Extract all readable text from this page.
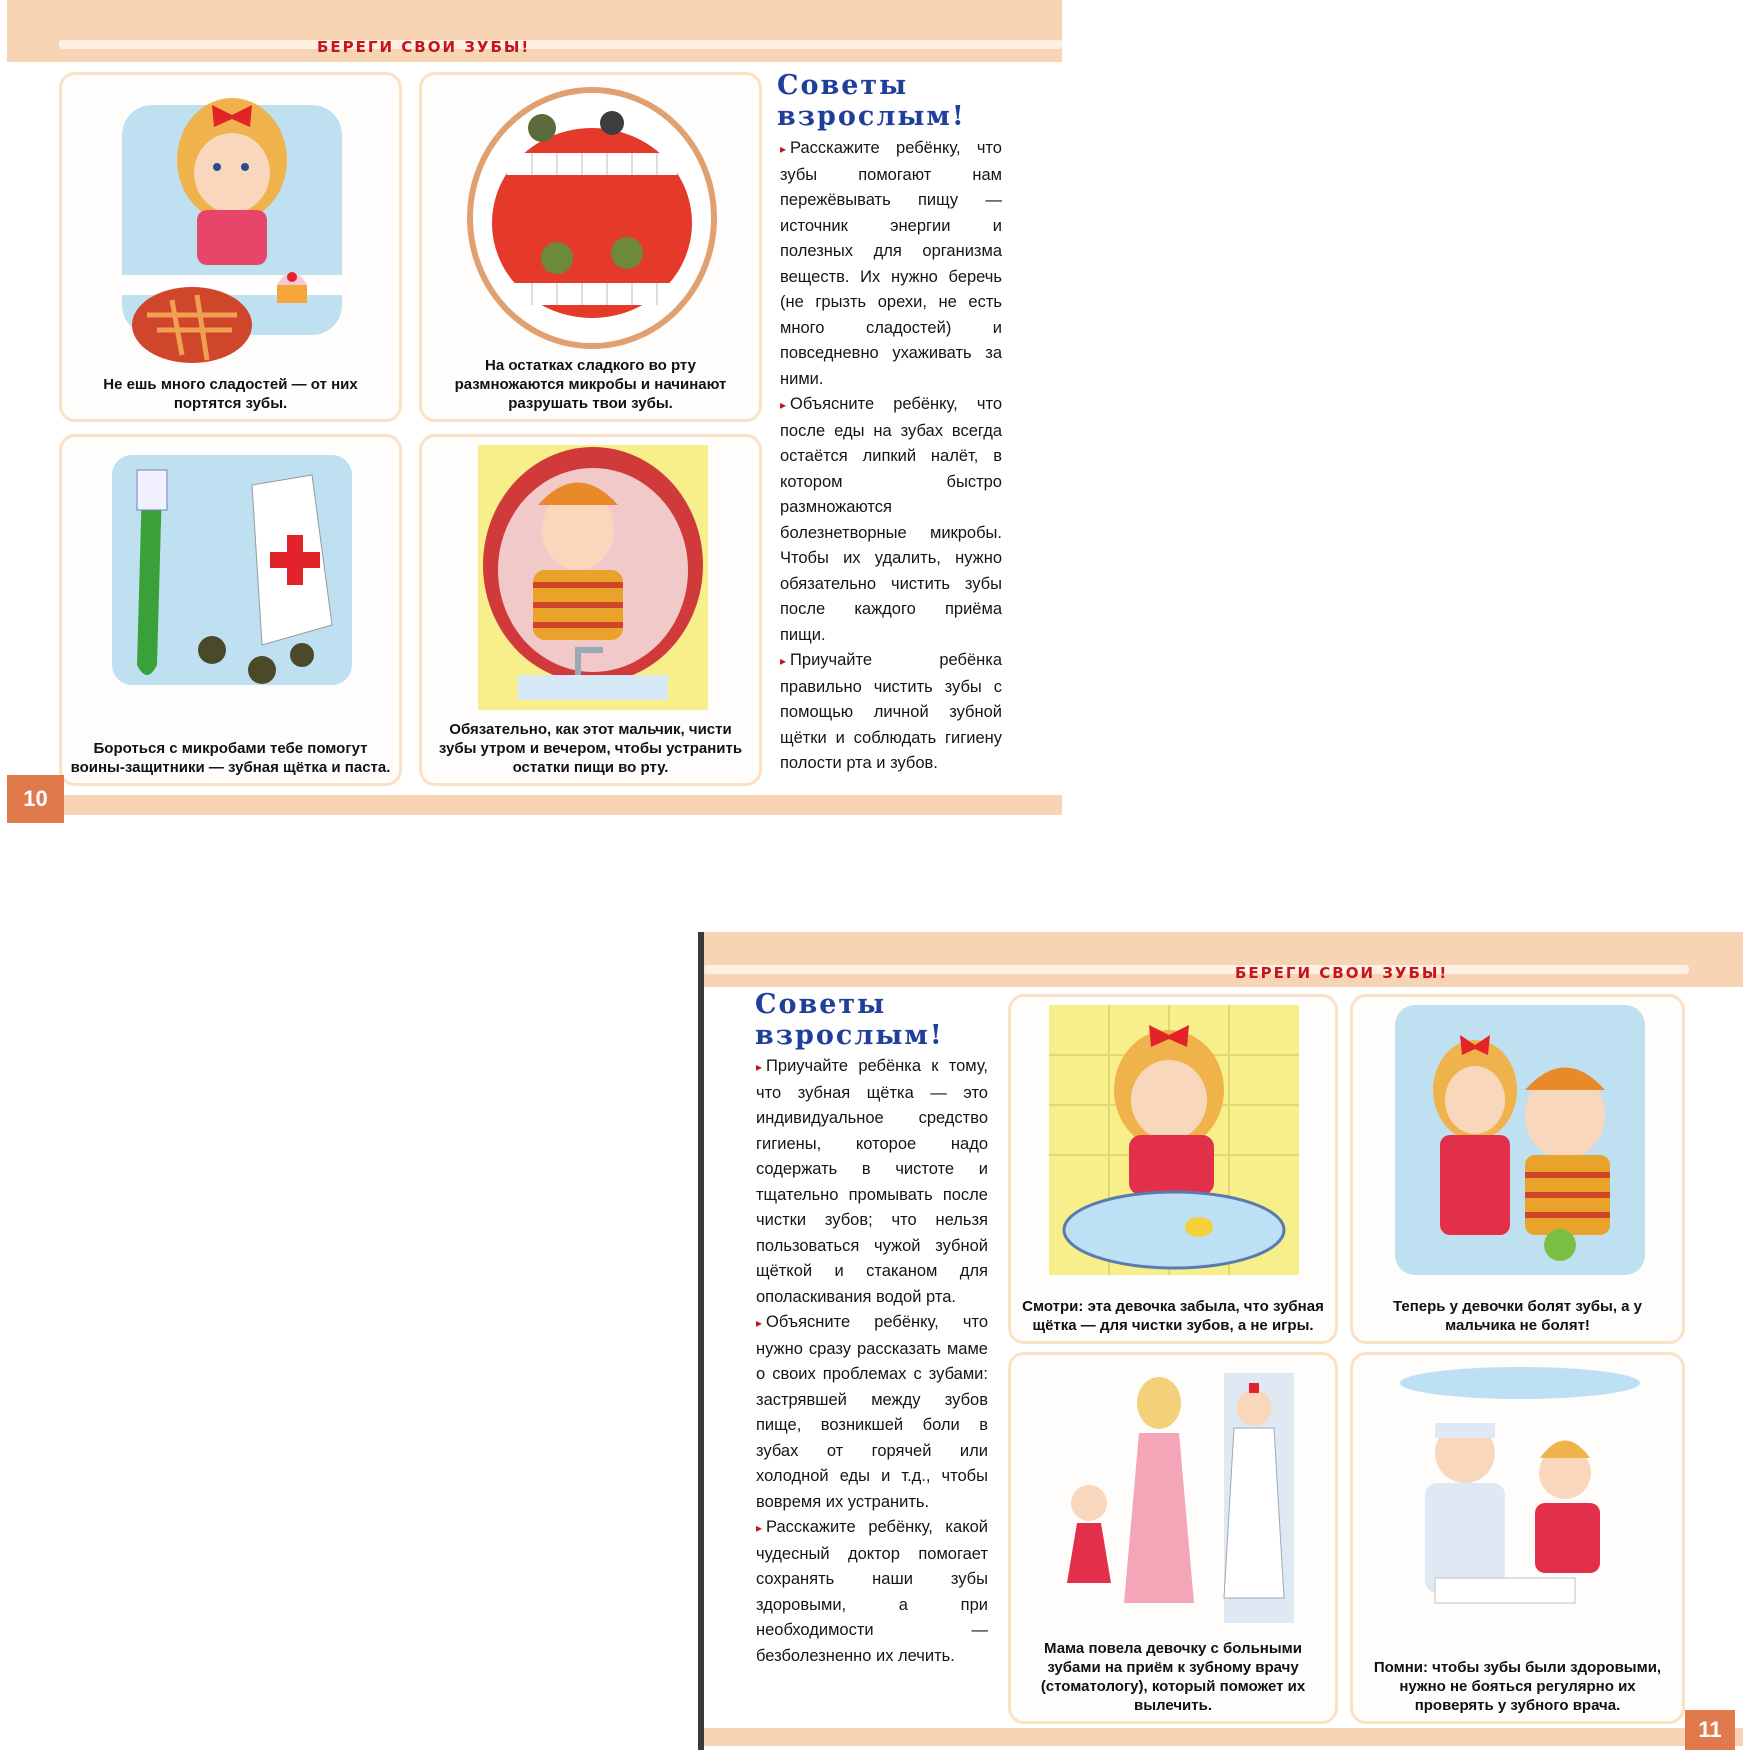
БЕРЕГИ СВОИ ЗУБЫ!
Не ешь много сладостей — от них портятся зубы.
На остатках сладкого во рту размножаются микробы и начинают разрушать твои зубы.
Бороться с микробами тебе помогут воины-защитники — зубная щётка и паста.
Обязательно, как этот мальчик, чисти зубы утром и вечером, чтобы устранить остатки пищи во рту.
Советы
взрослым!

▸ Расскажите ребёнку, что зубы помогают нам пережёвывать пищу — источник энергии и полезных для организма веществ. Их нужно беречь (не грызть орехи, не есть много сладостей) и повседневно ухаживать за ними.

▸ Объясните ребёнку, что после еды на зубах всегда остаётся липкий налёт, в котором быстро размножаются болезнетворные микробы. Чтобы их удалить, нужно обязательно чистить зубы после каждого приёма пищи.

▸ Приучайте ребёнка правильно чистить зубы с помощью личной зубной щётки и соблюдать гигиену полости рта и зубов.

10
БЕРЕГИ СВОИ ЗУБЫ!
Советы
взрослым!

▸ Приучайте ребёнка к тому, что зубная щётка — это индивидуальное средство гигиены, которое надо содержать в чистоте и тщательно промывать после чистки зубов; что нельзя пользоваться чужой зубной щёткой и стаканом для ополаскивания водой рта.

▸ Объясните ребёнку, что нужно сразу рассказать маме о своих проблемах с зубами: застрявшей между зубов пище, возникшей боли в зубах от горячей или холодной еды и т.д., чтобы вовремя их устранить.

▸ Расскажите ребёнку, какой чудесный доктор помогает сохранять наши зубы здоровыми, а при необходимости — безболезненно их лечить.

Смотри: эта девочка забыла, что зубная щётка — для чистки зубов, а не игры.
Теперь у девочки болят зубы, а у мальчика не болят!
Мама повела девочку с больными зубами на приём к зубному врачу (стоматологу), который поможет их вылечить.
Помни: чтобы зубы были здоровыми, нужно не бояться регулярно их проверять у зубного врача.
11
